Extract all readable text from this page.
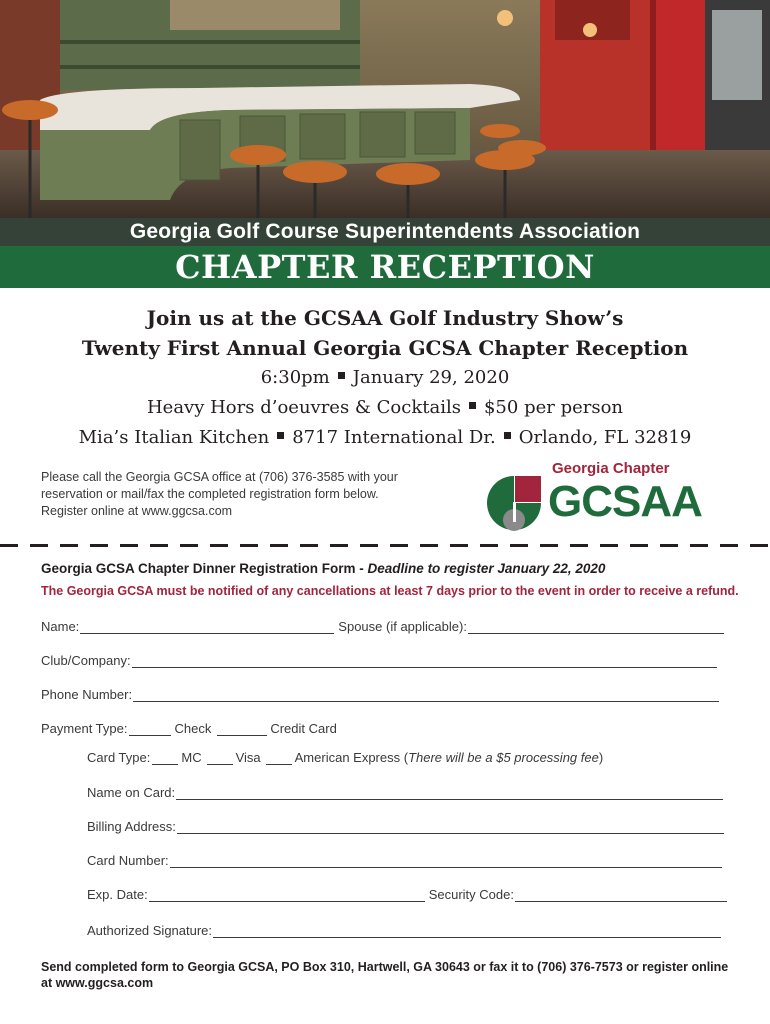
Georgia Golf Course Superintendents Association
CHAPTER RECEPTION
Join us at the GCSAA Golf Industry Show’s
Twenty First Annual Georgia GCSA Chapter Reception
6:30pm January 29, 2020
Heavy Hors d’oeuvres & Cocktails $50 per person
Mia’s Italian Kitchen 8717 International Dr. Orlando, FL 32819
Please call the Georgia GCSA office at (706) 376-3585 with your
reservation or mail/fax the completed registration form below.
Register online at www.ggcsa.com
Georgia Chapter
GCSAA
Georgia GCSA Chapter Dinner Registration Form - Deadline to register January 22, 2020
The Georgia GCSA must be notified of any cancellations at least 7 days prior to the event in order to receive a refund.
Name:	Spouse (if applicable):
Club/Company:
Phone Number:
Payment Type:	Check	Credit Card
Card Type: MC	Visa	American Express ( There will be a $5 processing fee )
Name on Card:
Billing Address:
Card Number:
Exp. Date:	Security Code:
Authorized Signature:
Send completed form to Georgia GCSA, PO Box 310, Hartwell, GA 30643 or fax it to (706) 376-7573 or register online
at www.ggcsa.com
